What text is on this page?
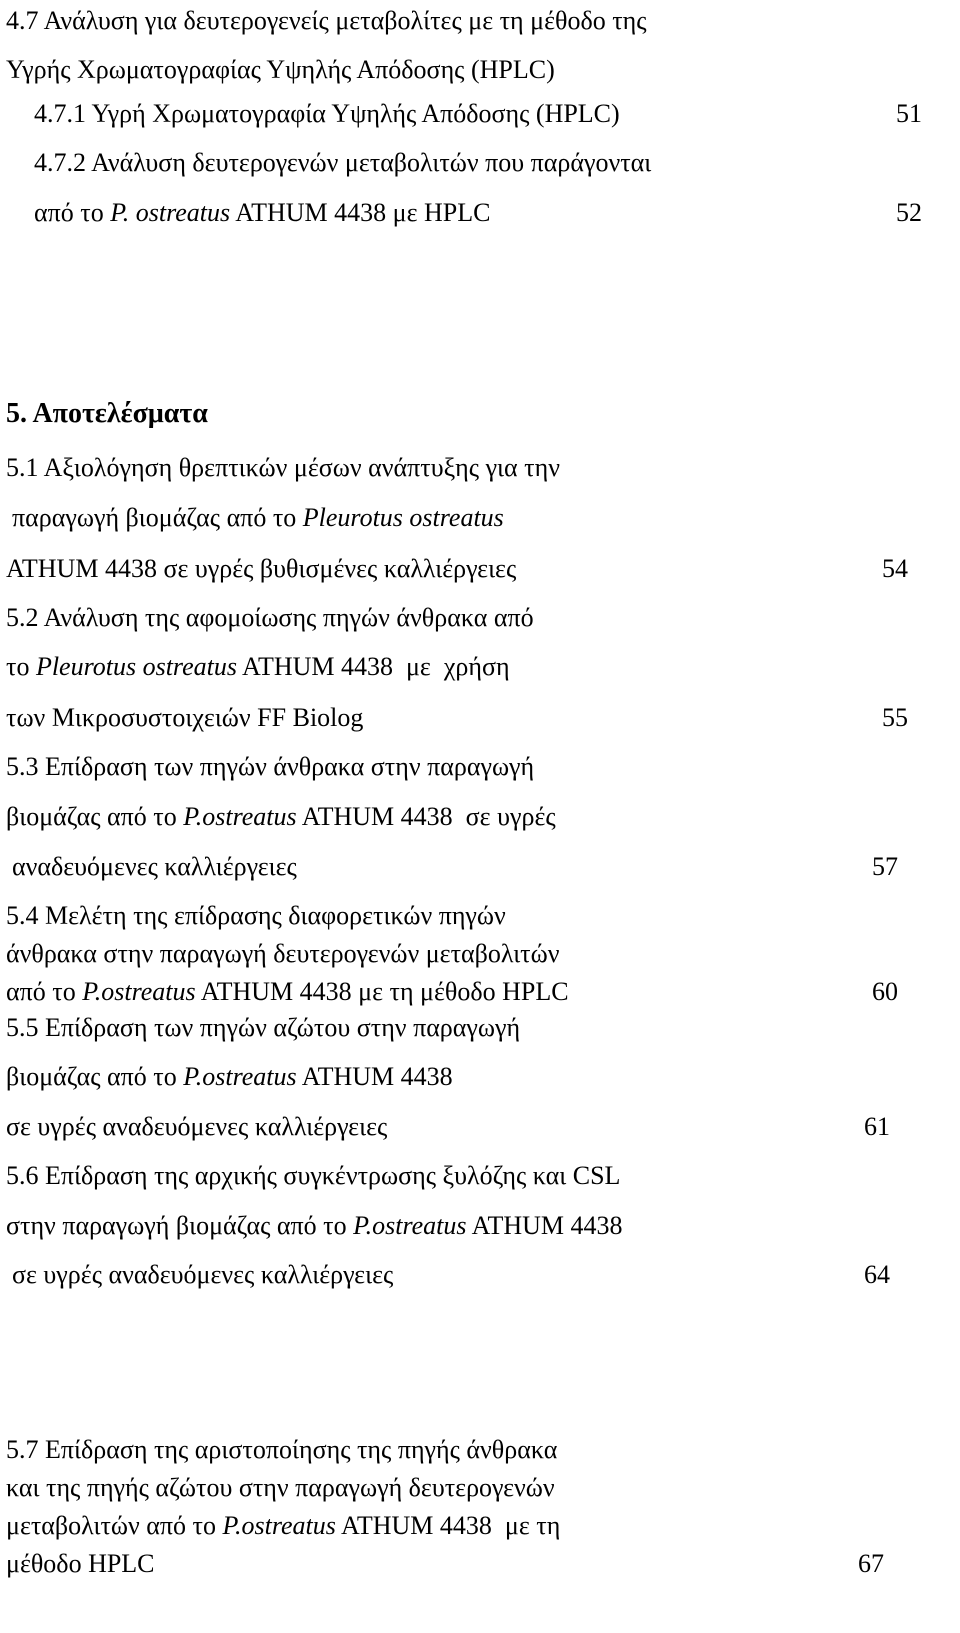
4.7 Ανάλυση για δευτερογενείς μεταβολίτες με τη μέθοδο της
Υγρής Χρωματογραφίας Υψηλής Απόδοσης (HPLC)
4.7.1 Υγρή Χρωματογραφία Υψηλής Απόδοσης (HPLC)	51
4.7.2 Ανάλυση δευτερογενών μεταβολιτών που παράγονται
από το P. ostreatus ATHUM 4438 με HPLC	52
5. Αποτελέσματα
5.1 Αξιολόγηση θρεπτικών μέσων ανάπτυξης για την
παραγωγή βιομάζας από το Pleurotus ostreatus
ATHUM 4438 σε υγρές βυθισμένες καλλιέργειες	54
5.2 Ανάλυση της αφομοίωσης πηγών άνθρακα από
το Pleurotus ostreatus ATHUM 4438  με  χρήση
των Μικροσυστοιχειών FF Biolog	55
5.3 Επίδραση των πηγών άνθρακα στην παραγωγή
βιομάζας από το P.ostreatus ATHUM 4438  σε υγρές
αναδευόμενες καλλιέργειες	57
5.4 Μελέτη της επίδρασης διαφορετικών πηγών
άνθρακα στην παραγωγή δευτερογενών μεταβολιτών
από το P.ostreatus ATHUM 4438 με τη μέθοδο HPLC	60
5.5 Επίδραση των πηγών αζώτου στην παραγωγή
βιομάζας από το P.ostreatus ATHUM 4438
σε υγρές αναδευόμενες καλλιέργειες	61
5.6 Επίδραση της αρχικής συγκέντρωσης ξυλόζης και CSL
στην παραγωγή βιομάζας από το P.ostreatus ATHUM 4438
σε υγρές αναδευόμενες καλλιέργειες	64
5.7 Επίδραση της αριστοποίησης της πηγής άνθρακα
και της πηγής αζώτου στην παραγωγή δευτερογενών
μεταβολιτών από το P.ostreatus ATHUM 4438  με τη
μέθοδο HPLC	67
